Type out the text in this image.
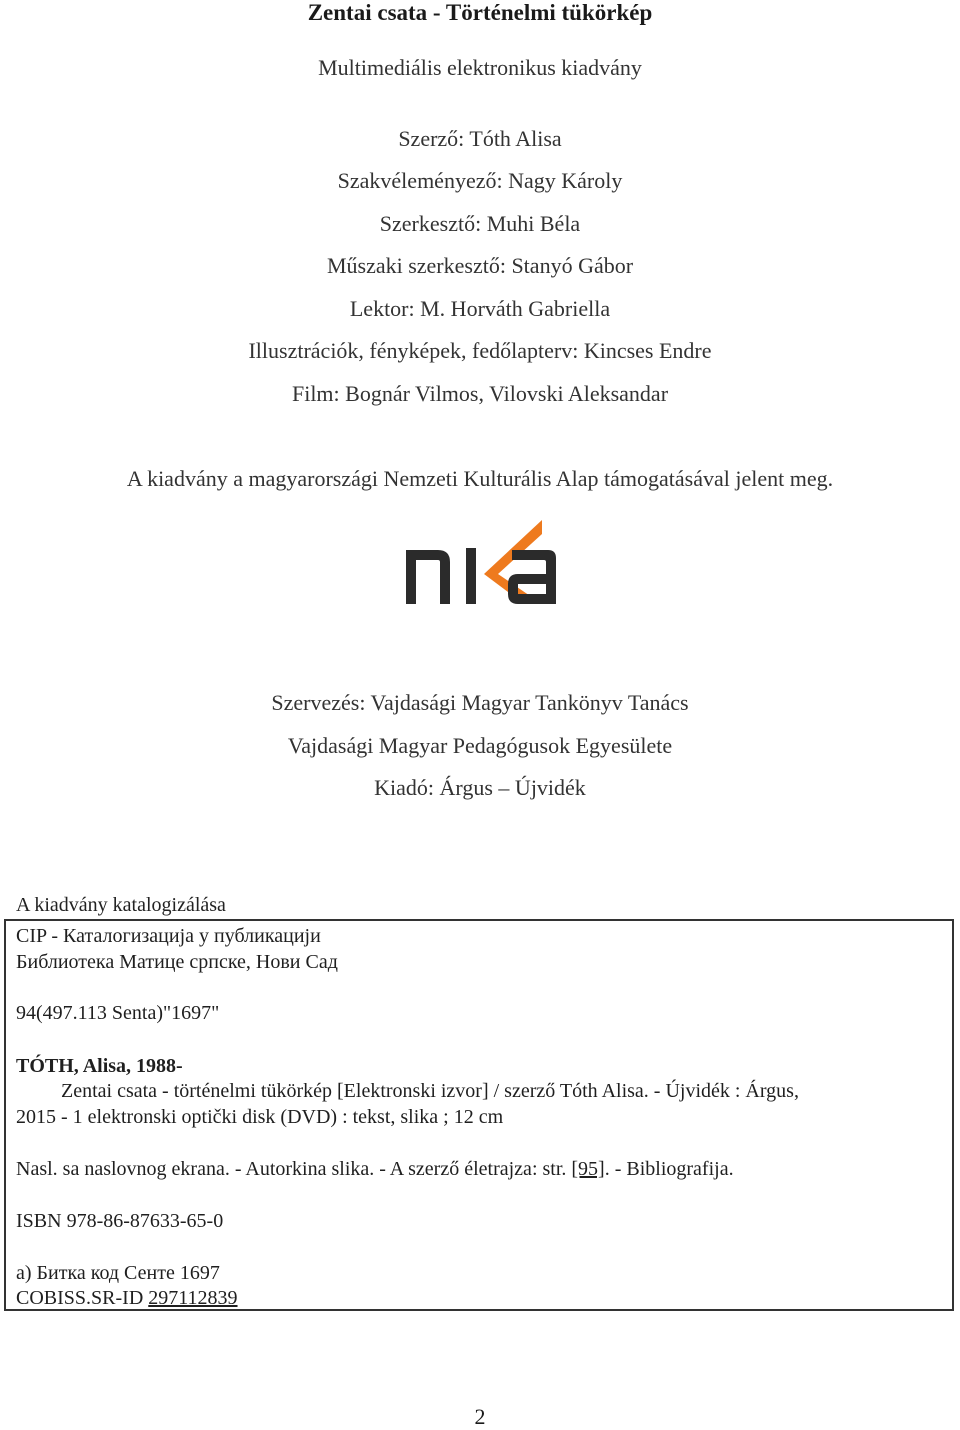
Zentai csata - Történelmi tükörkép
Multimediális elektronikus kiadvány
Szerző: Tóth Alisa
Szakvéleményező: Nagy Károly
Szerkesztő: Muhi Béla
Műszaki szerkesztő: Stanyó Gábor
Lektor: M. Horváth Gabriella
Illusztrációk, fényképek, fedőlapterv: Kincses Endre
Film: Bognár Vilmos, Vilovski Aleksandar
A kiadvány a magyarországi Nemzeti Kulturális Alap támogatásával jelent meg.
Szervezés: Vajdasági Magyar Tankönyv Tanács
Vajdasági Magyar Pedagógusok Egyesülete
Kiadó: Árgus – Újvidék
A kiadvány katalogizálása
CIP - Каталогизација у публикацији
Библиотека Матице српске, Нови Сад
94(497.113 Senta)"1697"
TÓTH, Alisa, 1988-
Zentai csata - történelmi tükörkép [Elektronski izvor] / szerző Tóth Alisa. - Újvidék : Árgus,
2015 - 1 elektronski optički disk (DVD) : tekst, slika ; 12 cm
Nasl. sa naslovnog ekrana. - Autorkina slika. - A szerző életrajza: str. [95]. - Bibliografija.
ISBN 978-86-87633-65-0
а) Битка код Сенте 1697
COBISS.SR-ID 297112839
2
